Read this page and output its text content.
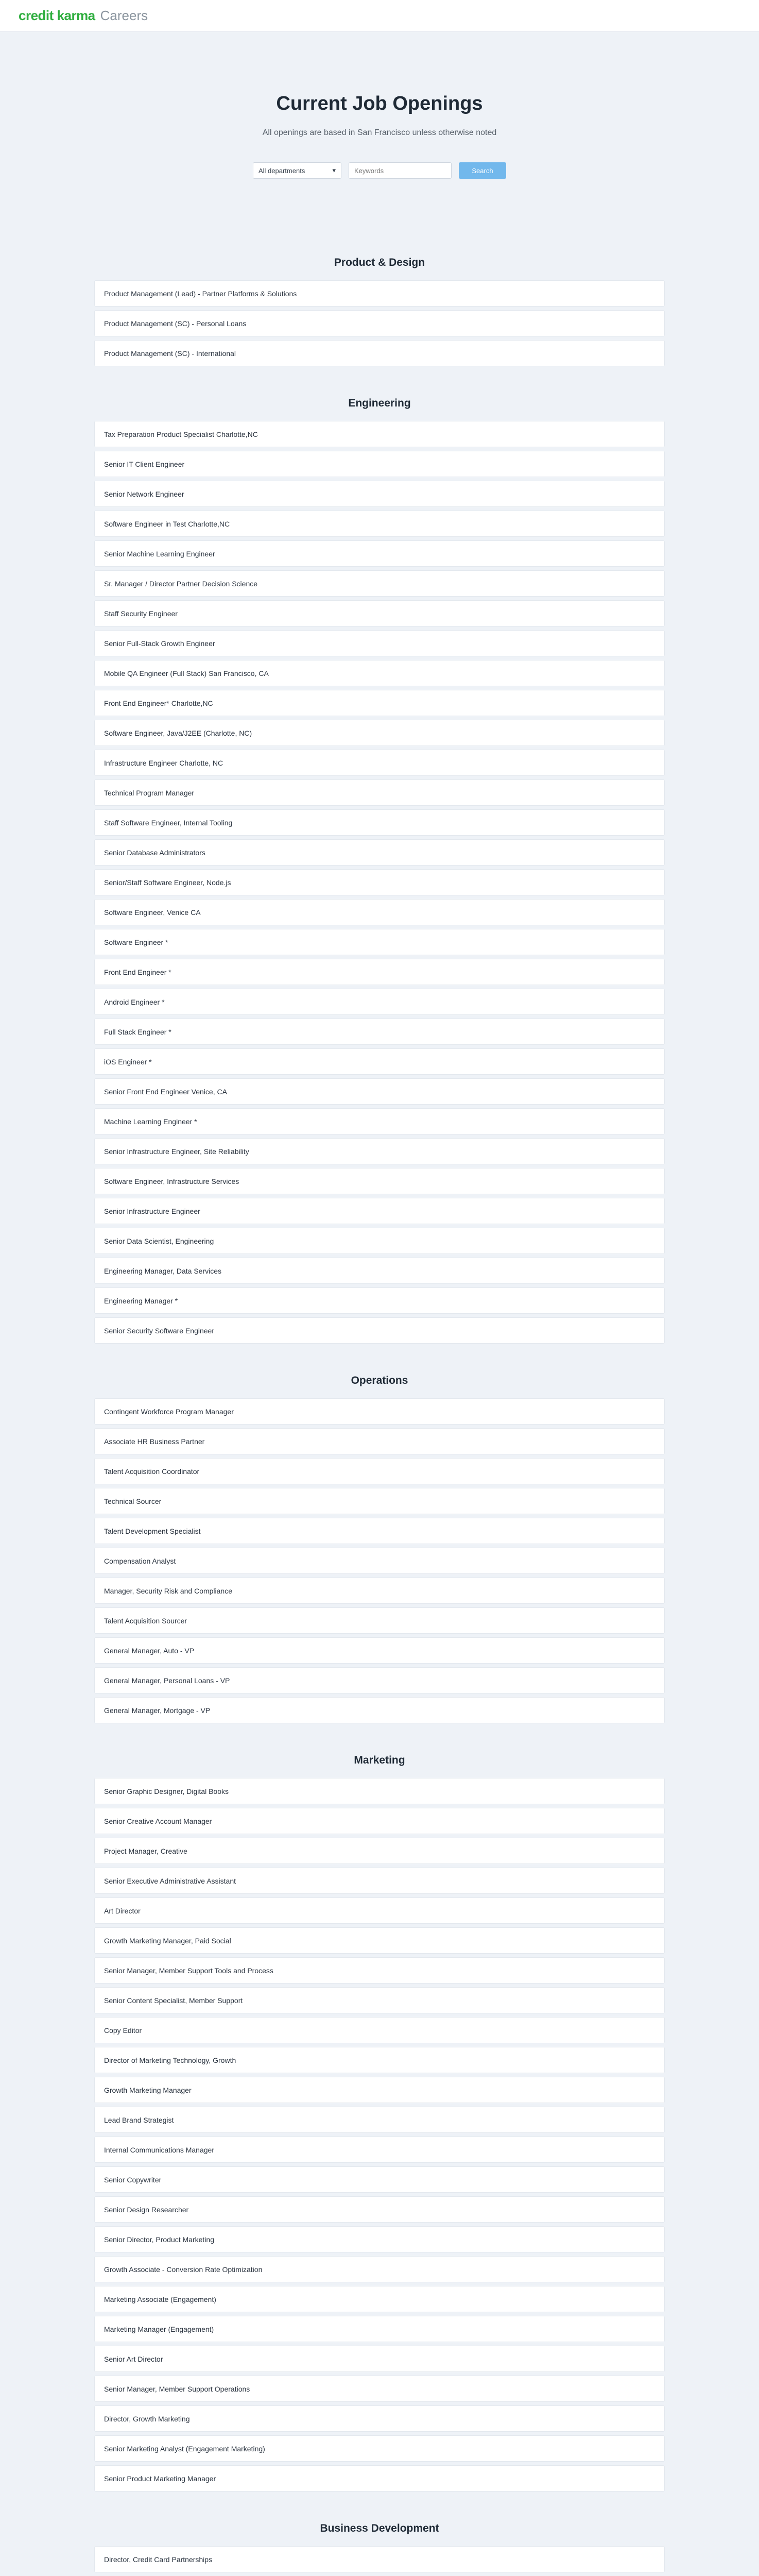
credit karma Careers
Current Job Openings

All openings are based in San Francisco unless otherwise noted

All departments	▾
Keywords	Search
Product & Design
Product Management (Lead) - Partner Platforms & Solutions
Product Management (SC) - Personal Loans
Product Management (SC) - International
Engineering
Tax Preparation Product Specialist Charlotte,NC
Senior IT Client Engineer
Senior Network Engineer
Software Engineer in Test Charlotte,NC
Senior Machine Learning Engineer
Sr. Manager / Director Partner Decision Science
Staff Security Engineer
Senior Full-Stack Growth Engineer
Mobile QA Engineer (Full Stack) San Francisco, CA
Front End Engineer* Charlotte,NC
Software Engineer, Java/J2EE (Charlotte, NC)
Infrastructure Engineer Charlotte, NC
Technical Program Manager
Staff Software Engineer, Internal Tooling
Senior Database Administrators
Senior/Staff Software Engineer, Node.js
Software Engineer, Venice CA
Software Engineer *
Front End Engineer *
Android Engineer *
Full Stack Engineer *
iOS Engineer *
Senior Front End Engineer Venice, CA
Machine Learning Engineer *
Senior Infrastructure Engineer, Site Reliability
Software Engineer, Infrastructure Services
Senior Infrastructure Engineer
Senior Data Scientist, Engineering
Engineering Manager, Data Services
Engineering Manager *
Senior Security Software Engineer
Operations
Contingent Workforce Program Manager
Associate HR Business Partner
Talent Acquisition Coordinator
Technical Sourcer
Talent Development Specialist
Compensation Analyst
Manager, Security Risk and Compliance
Talent Acquisition Sourcer
General Manager, Auto - VP
General Manager, Personal Loans - VP
General Manager, Mortgage - VP
Marketing
Senior Graphic Designer, Digital Books
Senior Creative Account Manager
Project Manager, Creative
Senior Executive Administrative Assistant
Art Director
Growth Marketing Manager, Paid Social
Senior Manager, Member Support Tools and Process
Senior Content Specialist, Member Support
Copy Editor
Director of Marketing Technology, Growth
Growth Marketing Manager
Lead Brand Strategist
Internal Communications Manager
Senior Copywriter
Senior Design Researcher
Senior Director, Product Marketing
Growth Associate - Conversion Rate Optimization
Marketing Associate (Engagement)
Marketing Manager (Engagement)
Senior Art Director
Senior Manager, Member Support Operations
Director, Growth Marketing
Senior Marketing Analyst (Engagement Marketing)
Senior Product Marketing Manager
Business Development
Director, Credit Card Partnerships
